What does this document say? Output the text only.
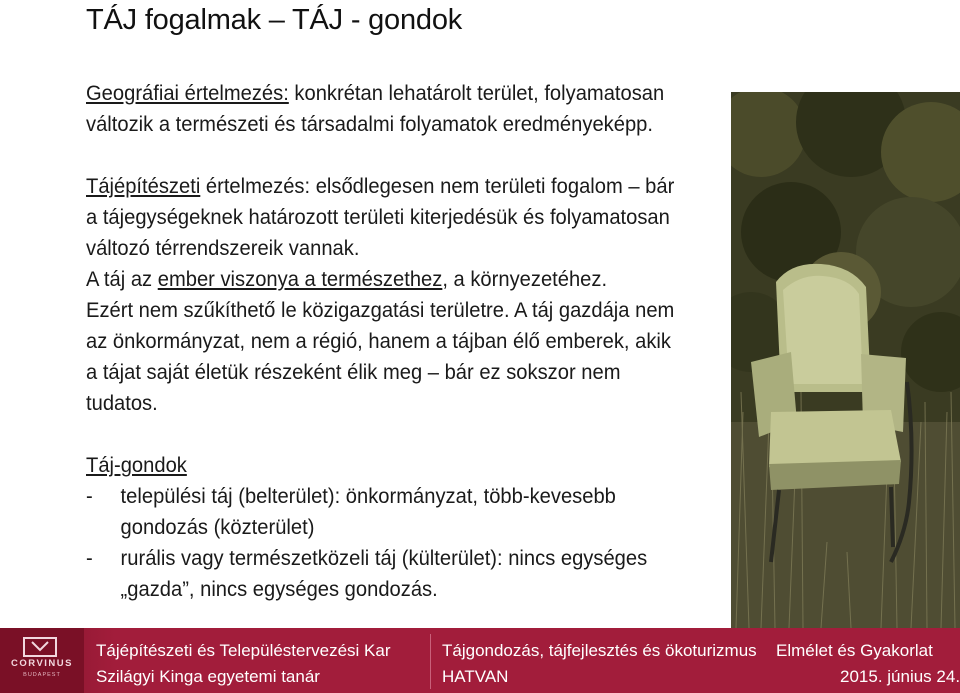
TÁJ fogalmak – TÁJ - gondok

Geográfiai értelmezés: konkrétan lehatárolt terület, folyamatosan
változik a természeti és társadalmi folyamatok eredményeképp.

Tájépítészeti értelmezés: elsődlegesen nem területi fogalom – bár
a tájegységeknek határozott területi kiterjedésük és folyamatosan
változó térrendszereik vannak.
A táj az ember viszonya a természethez, a környezetéhez.
Ezért nem szűkíthető le közigazgatási területre. A táj gazdája nem
az önkormányzat, nem a régió, hanem a tájban élő emberek, akik
a tájat saját életük részeként élik meg – bár ez sokszor nem
tudatos.

Táj-gondok

- települési táj (belterület): önkormányzat, több-kevesebb
gondozás (közterület)
- rurális vagy természetközeli táj (külterület): nincs egységes
„gazda”, nincs egységes gondozás.
CORVINUS
BUDAPEST
Tájépítészeti és Településtervezési Kar
Szilágyi Kinga egyetemi tanár
Tájgondozás, tájfejlesztés és ökoturizmus Elmélet és Gyakorlat
HATVAN	2015. június 24.
